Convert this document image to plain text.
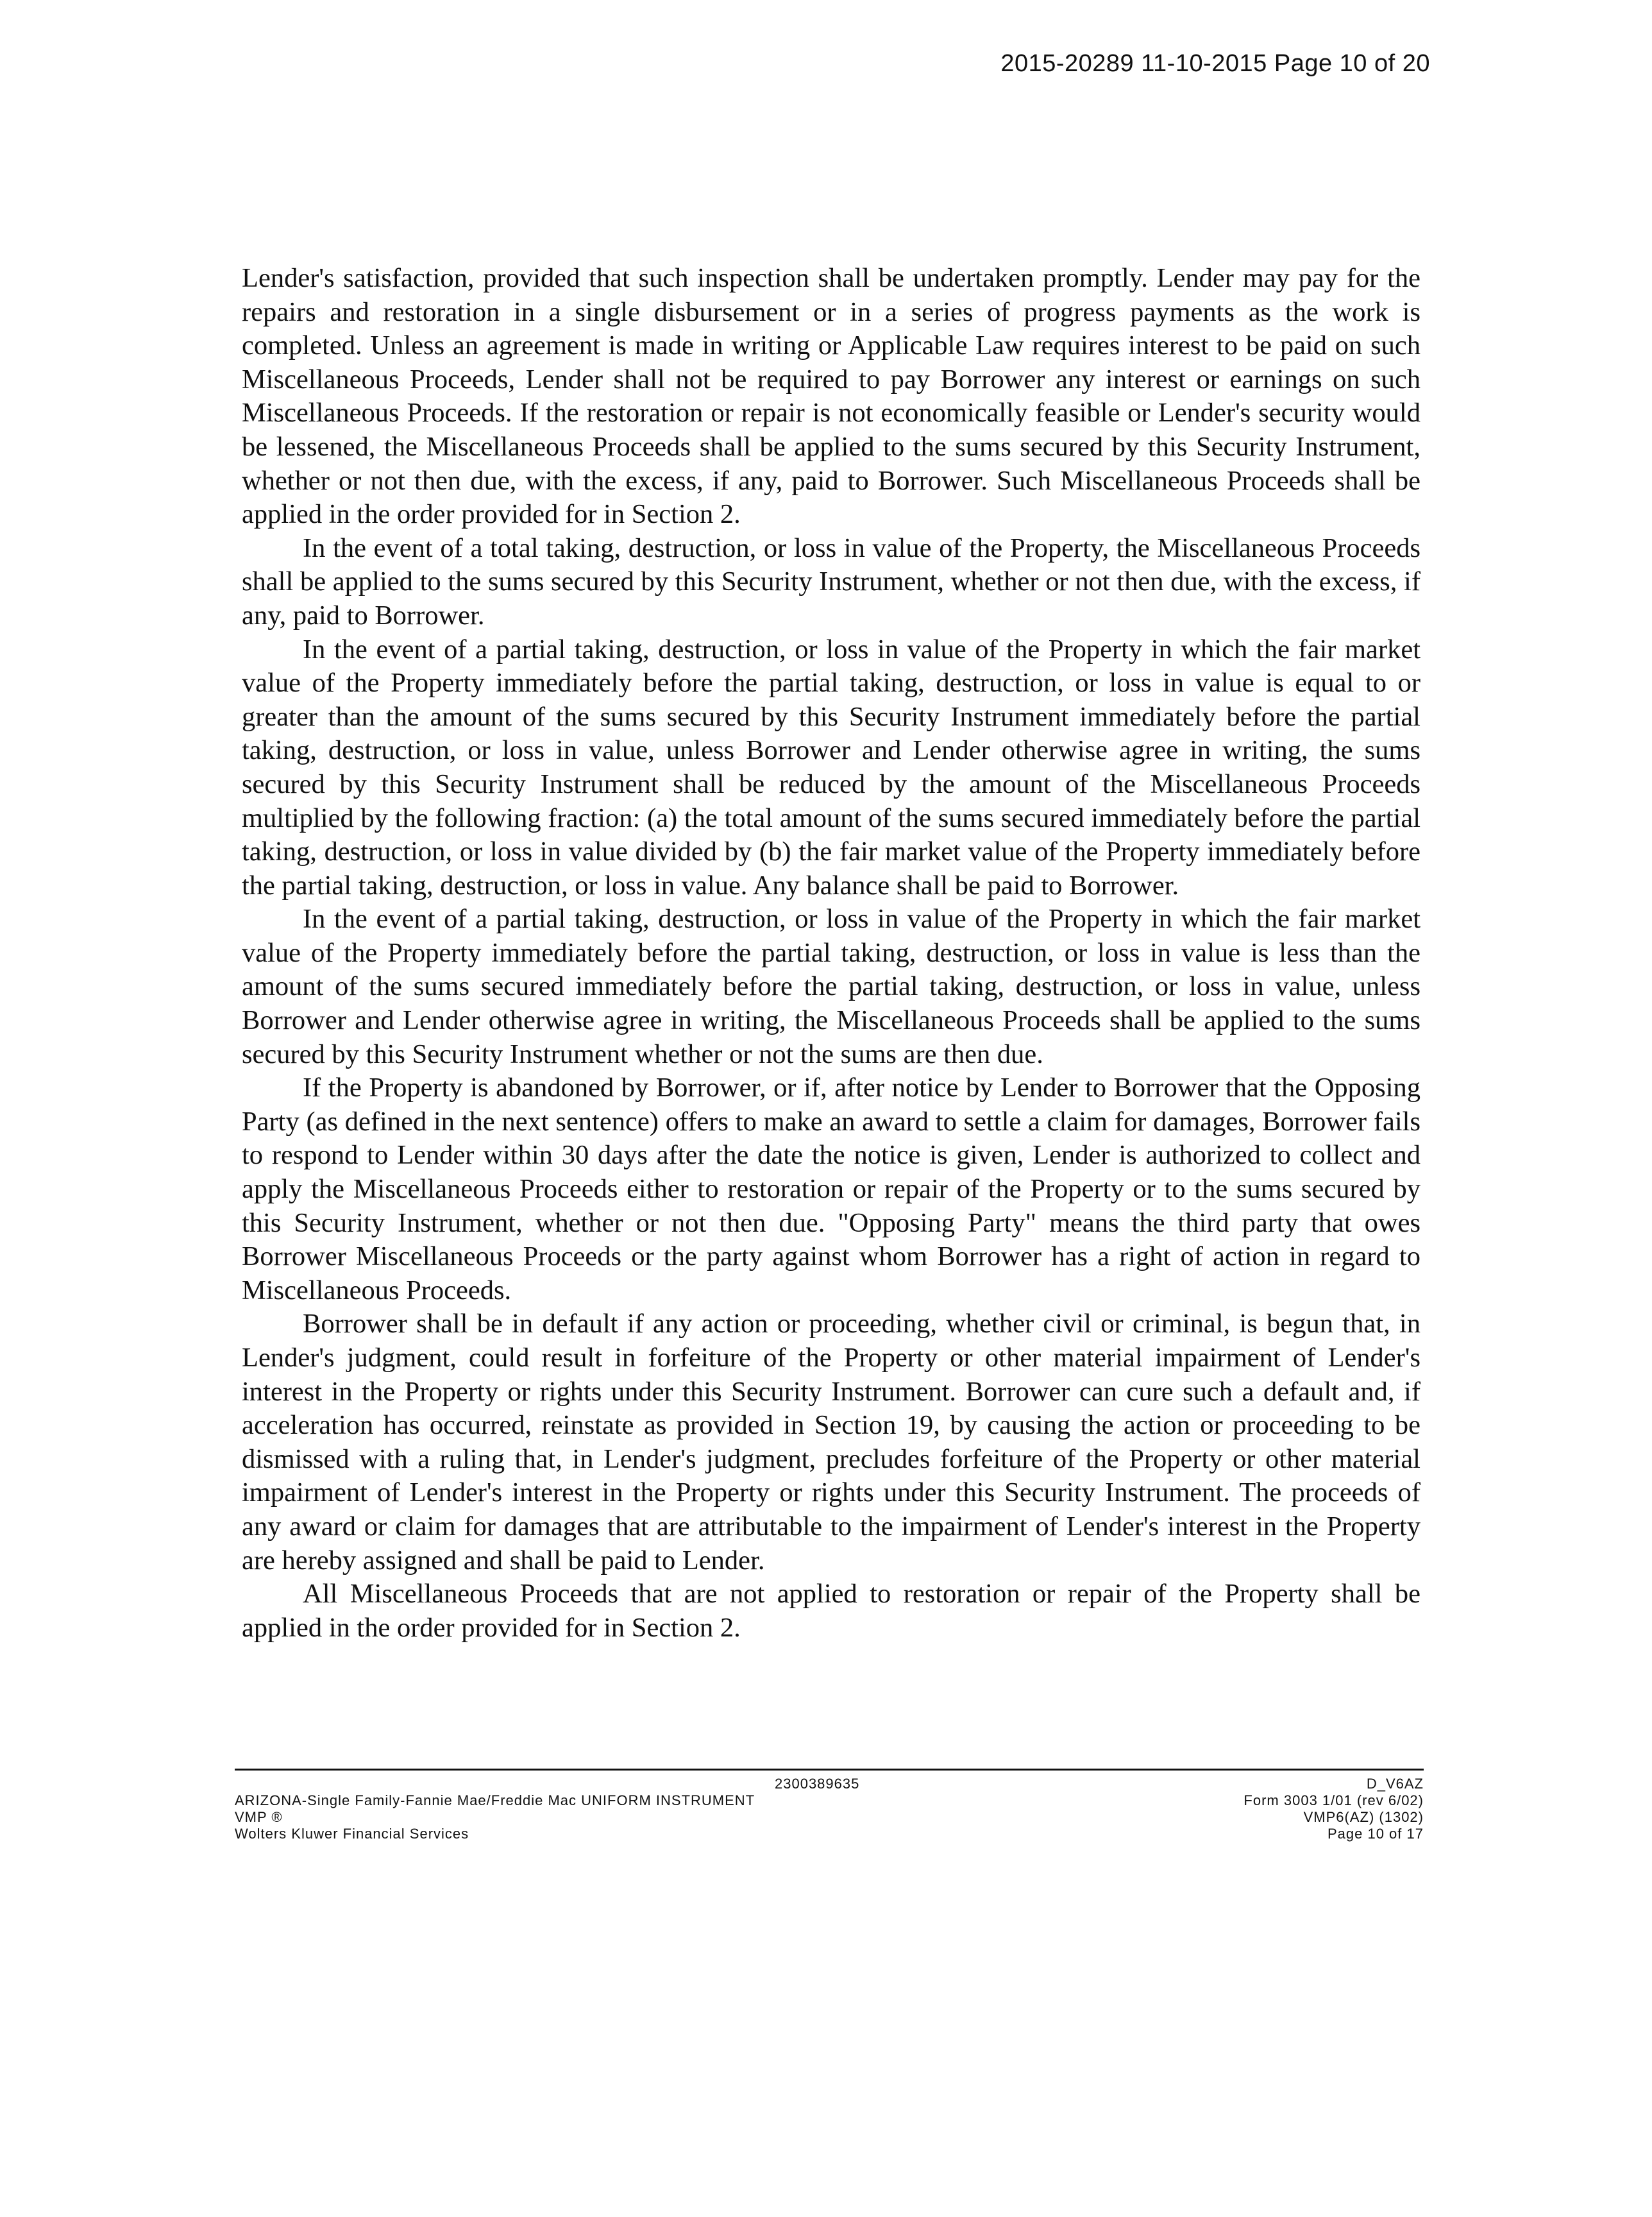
2015-20289 11-10-2015 Page 10 of 20

Lender's satisfaction, provided that such inspection shall be undertaken promptly. Lender may pay for the repairs and restoration in a single disbursement or in a series of progress payments as the work is completed. Unless an agreement is made in writing or Applicable Law requires interest to be paid on such Miscellaneous Proceeds, Lender shall not be required to pay Borrower any interest or earnings on such Miscellaneous Proceeds. If the restoration or repair is not economically feasible or Lender's security would be lessened, the Miscellaneous Proceeds shall be applied to the sums secured by this Security Instrument, whether or not then due, with the excess, if any, paid to Borrower. Such Miscellaneous Proceeds shall be applied in the order provided for in Section 2.

In the event of a total taking, destruction, or loss in value of the Property, the Miscellaneous Proceeds shall be applied to the sums secured by this Security Instrument, whether or not then due, with the excess, if any, paid to Borrower.

In the event of a partial taking, destruction, or loss in value of the Property in which the fair market value of the Property immediately before the partial taking, destruction, or loss in value is equal to or greater than the amount of the sums secured by this Security Instrument immediately before the partial taking, destruction, or loss in value, unless Borrower and Lender otherwise agree in writing, the sums secured by this Security Instrument shall be reduced by the amount of the Miscellaneous Proceeds multiplied by the following fraction: (a) the total amount of the sums secured immediately before the partial taking, destruction, or loss in value divided by (b) the fair market value of the Property immediately before the partial taking, destruction, or loss in value. Any balance shall be paid to Borrower.

In the event of a partial taking, destruction, or loss in value of the Property in which the fair market value of the Property immediately before the partial taking, destruction, or loss in value is less than the amount of the sums secured immediately before the partial taking, destruction, or loss in value, unless Borrower and Lender otherwise agree in writing, the Miscellaneous Proceeds shall be applied to the sums secured by this Security Instrument whether or not the sums are then due.

If the Property is abandoned by Borrower, or if, after notice by Lender to Borrower that the Opposing Party (as defined in the next sentence) offers to make an award to settle a claim for damages, Borrower fails to respond to Lender within 30 days after the date the notice is given, Lender is authorized to collect and apply the Miscellaneous Proceeds either to restoration or repair of the Property or to the sums secured by this Security Instrument, whether or not then due. "Opposing Party" means the third party that owes Borrower Miscellaneous Proceeds or the party against whom Borrower has a right of action in regard to Miscellaneous Proceeds.

Borrower shall be in default if any action or proceeding, whether civil or criminal, is begun that, in Lender's judgment, could result in forfeiture of the Property or other material impairment of Lender's interest in the Property or rights under this Security Instrument. Borrower can cure such a default and, if acceleration has occurred, reinstate as provided in Section 19, by causing the action or proceeding to be dismissed with a ruling that, in Lender's judgment, precludes forfeiture of the Property or other material impairment of Lender's interest in the Property or rights under this Security Instrument. The proceeds of any award or claim for damages that are attributable to the impairment of Lender's interest in the Property are hereby assigned and shall be paid to Lender.

All Miscellaneous Proceeds that are not applied to restoration or repair of the Property shall be applied in the order provided for in Section 2.

2300389635
ARIZONA-Single Family-Fannie Mae/Freddie Mac UNIFORM INSTRUMENT
VMP ®
Wolters Kluwer Financial Services
D_V6AZ
Form 3003 1/01 (rev 6/02)
VMP6(AZ) (1302)
Page 10 of 17
